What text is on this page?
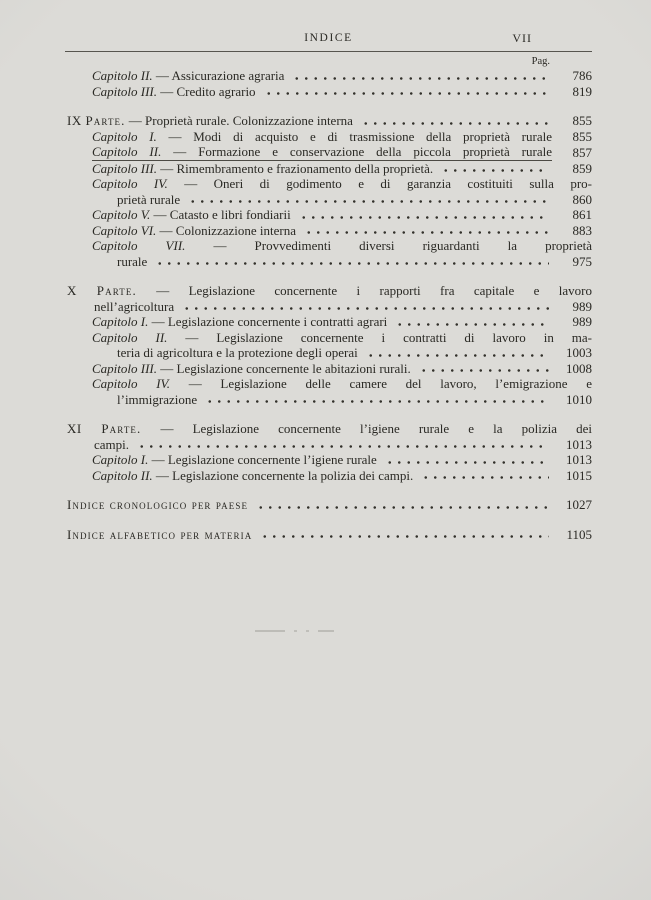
INDICE	VII
Pag.
Capitolo II. — Assicurazione agraria	786
Capitolo III. — Credito agrario	819
IX Parte. — Proprietà rurale. Colonizzazione interna	855
Capitolo I. — Modi di acquisto e di trasmissione della proprietà rurale	855
Capitolo II. — Formazione e conservazione della piccola proprietà rurale	857
Capitolo III. — Rimembramento e frazionamento della proprietà.	859
Capitolo IV. — Oneri di godimento e di garanzia costituiti sulla pro-
prietà rurale	860
Capitolo V. — Catasto e libri fondiarii	861
Capitolo VI. — Colonizzazione interna	883
Capitolo VII. — Provvedimenti diversi riguardanti la proprietà
rurale	975
X Parte. — Legislazione concernente i rapporti fra capitale e lavoro
nell’agricoltura	989
Capitolo I. — Legislazione concernente i contratti agrari	989
Capitolo II. — Legislazione concernente i contratti di lavoro in ma-
teria di agricoltura e la protezione degli operai	1003
Capitolo III. — Legislazione concernente le abitazioni rurali.	1008
Capitolo IV. — Legislazione delle camere del lavoro, l’emigrazione e
l’immigrazione	1010
XI Parte. — Legislazione concernente l’igiene rurale e la polizia dei
campi.	1013
Capitolo I. — Legislazione concernente l’igiene rurale	1013
Capitolo II. — Legislazione concernente la polizia dei campi.	1015
Indice cronologico per paese	1027
Indice alfabetico per materia	1105
